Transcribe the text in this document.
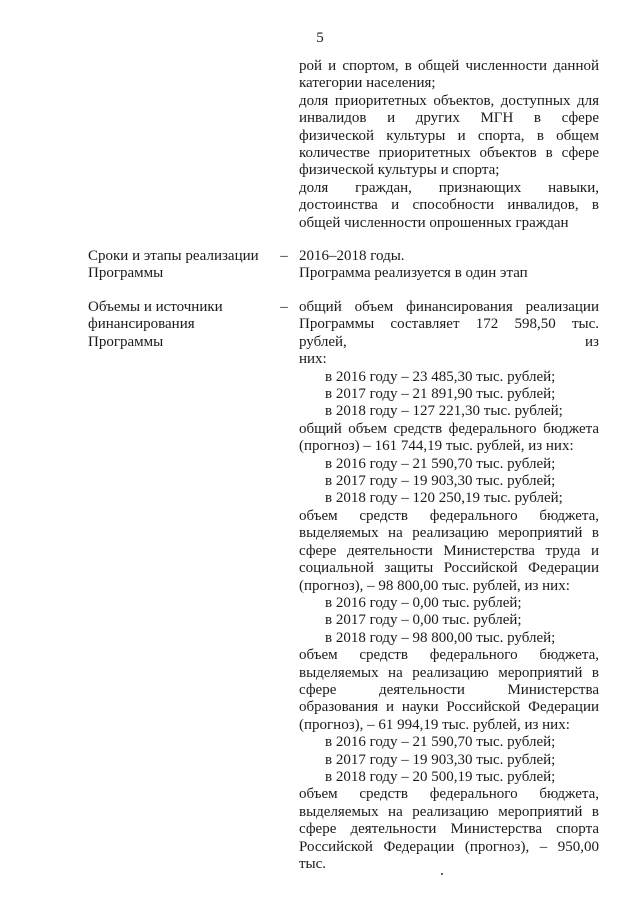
5
рой и спортом, в общей численности данной
категории населения;
доля приоритетных объектов, доступных для
инвалидов и других МГН в сфере
физической культуры и спорта, в общем
количестве приоритетных объектов в сфере
физической культуры и спорта;
доля граждан, признающих навыки,
достоинства и способности инвалидов, в
общей численности опрошенных граждан
Сроки и этапы реализации
Программы
– 2016–2018 годы.
Программа реализуется в один этап
Объемы и источники
финансирования
Программы
– общий объем финансирования реализации
Программы составляет 172 598,50 тыс. рублей, из
них:
в 2016 году – 23 485,30 тыс. рублей;
в 2017 году – 21 891,90 тыс. рублей;
в 2018 году – 127 221,30 тыс. рублей;
общий объем средств федерального бюджета
(прогноз) – 161 744,19 тыс. рублей, из них:
в 2016 году – 21 590,70 тыс. рублей;
в 2017 году – 19 903,30 тыс. рублей;
в 2018 году – 120 250,19 тыс. рублей;
объем средств федерального бюджета,
выделяемых на реализацию мероприятий в
сфере деятельности Министерства труда и
социальной защиты Российской Федерации
(прогноз), – 98 800,00 тыс. рублей, из них:
в 2016 году – 0,00 тыс. рублей;
в 2017 году – 0,00 тыс. рублей;
в 2018 году – 98 800,00 тыс. рублей;
объем средств федерального бюджета,
выделяемых на реализацию мероприятий в
сфере деятельности Министерства
образования и науки Российской Федерации
(прогноз), – 61 994,19 тыс. рублей, из них:
в 2016 году – 21 590,70 тыс. рублей;
в 2017 году – 19 903,30 тыс. рублей;
в 2018 году – 20 500,19 тыс. рублей;
объем средств федерального бюджета,
выделяемых на реализацию мероприятий в
сфере деятельности Министерства спорта
Российской Федерации (прогноз), – 950,00 тыс.
